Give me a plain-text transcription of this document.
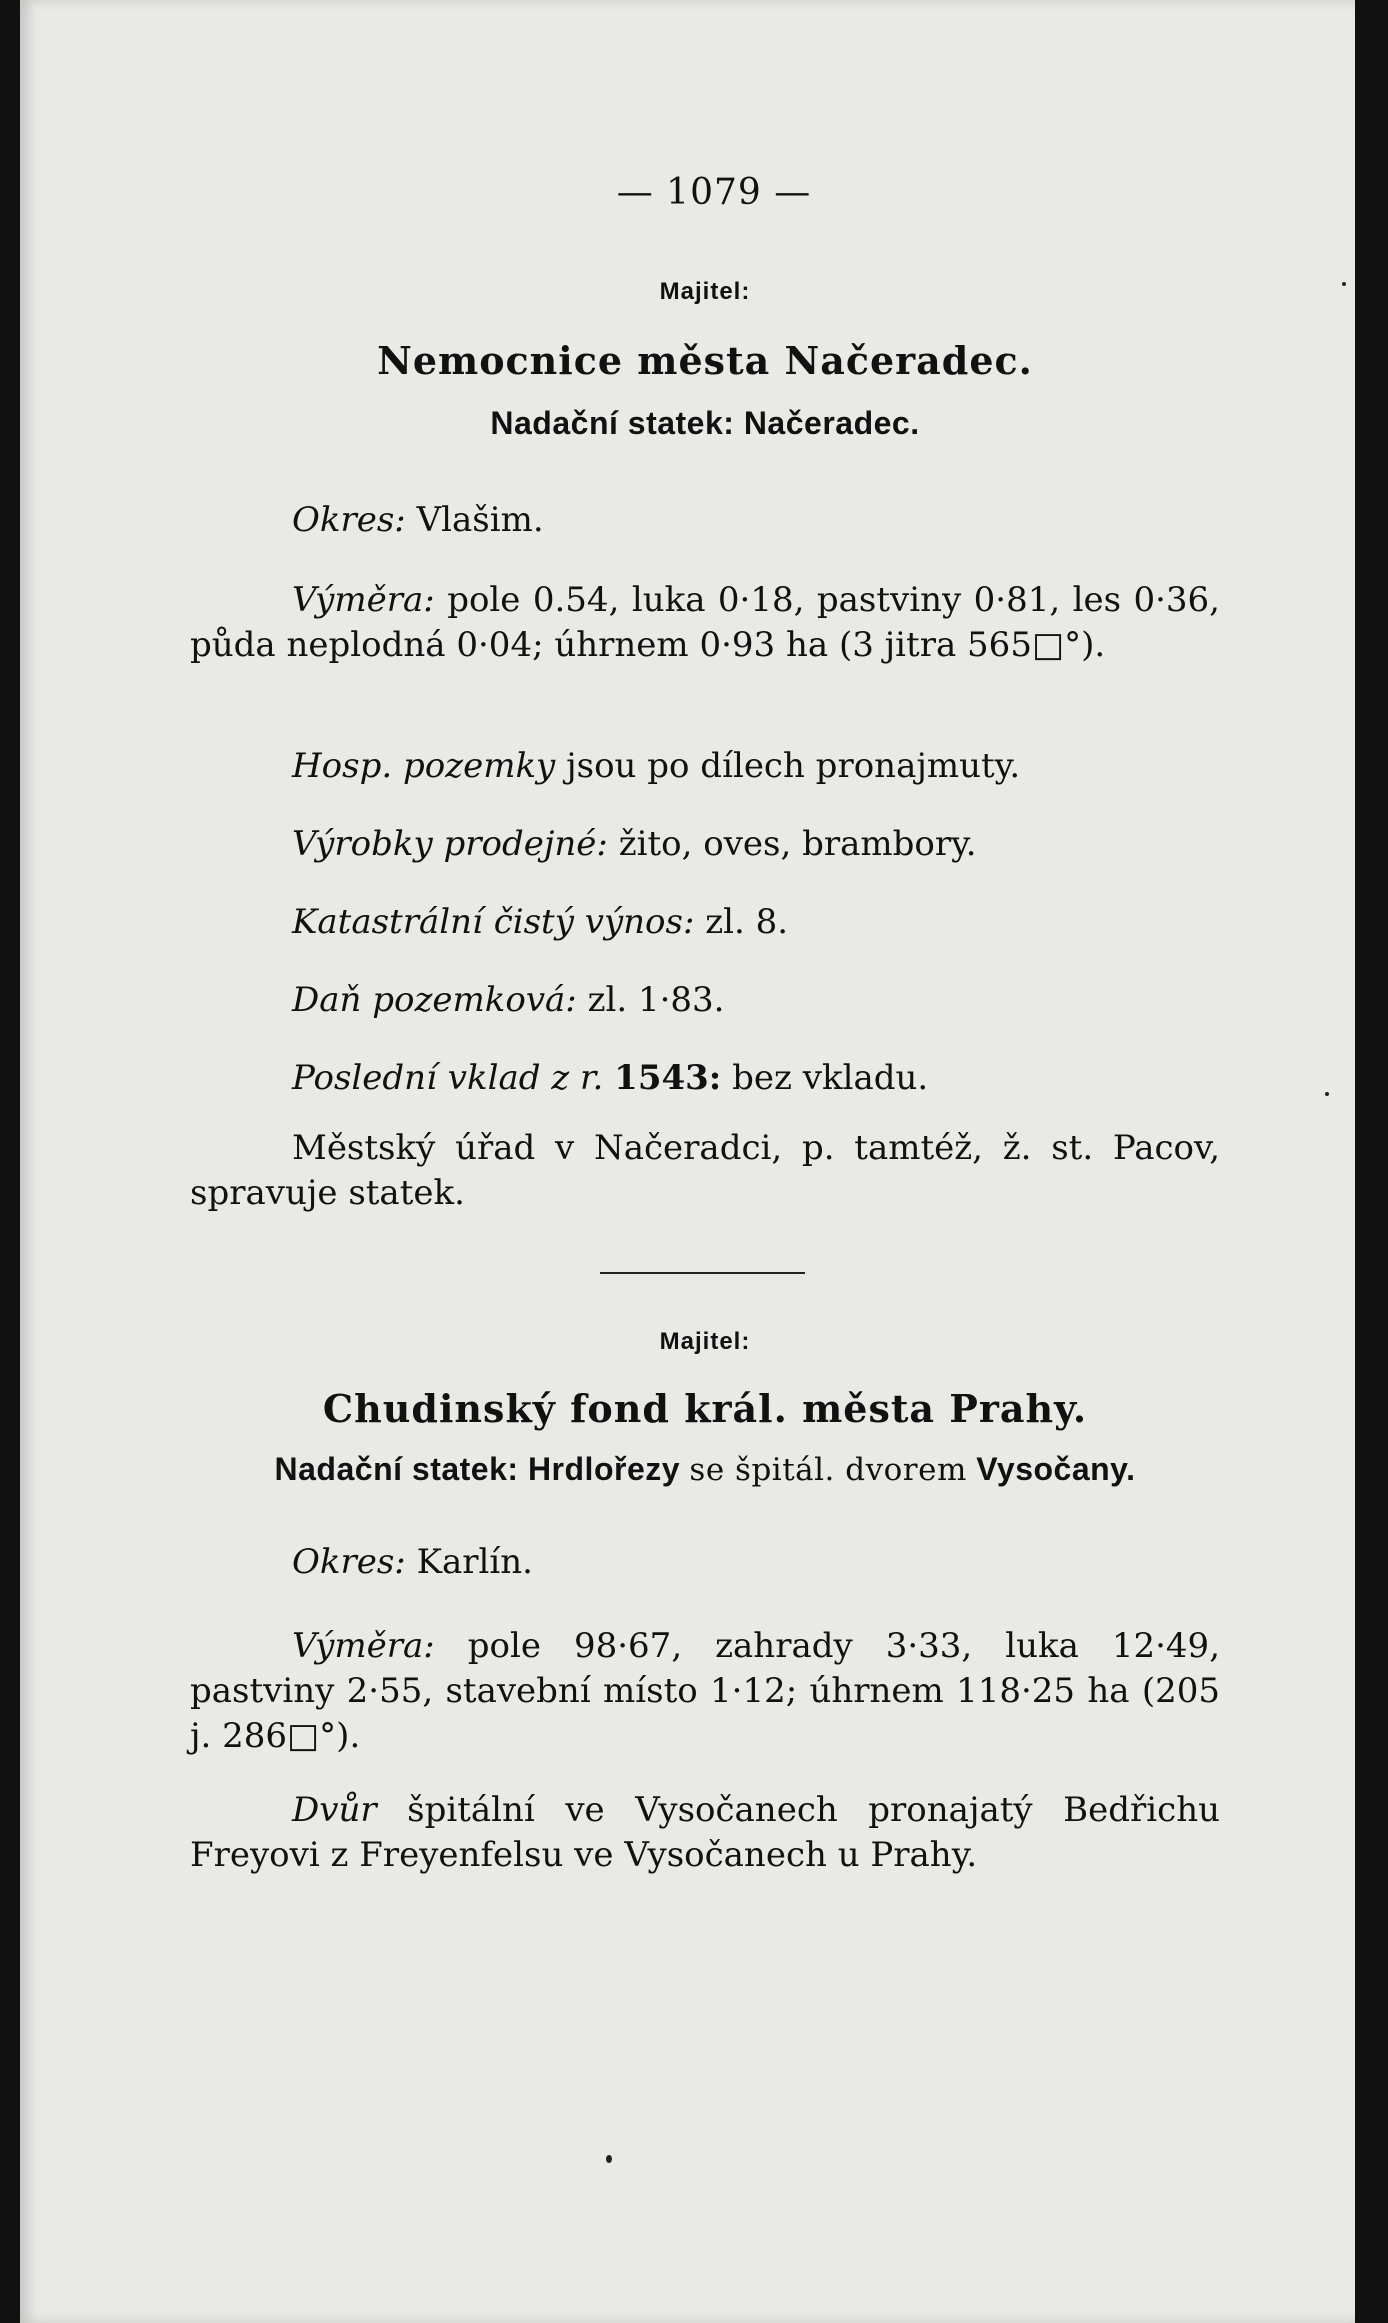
— 1079 —
Majitel:
Nemocnice města Načeradec.
Nadační statek: Načeradec.

Okres: Vlašim.

Výměra: pole 0.54, luka 0·18, pastviny 0·81, les 0·36, půda neplodná 0·04; úhrnem 0·93 ha (3 jitra 565□°).

Hosp. pozemky jsou po dílech pronajmuty.

Výrobky prodejné: žito, oves, brambory.

Katastrální čistý výnos: zl. 8.

Daň pozemková: zl. 1·83.

Poslední vklad z r. 1543: bez vkladu.

Městský úřad v Načeradci, p. tamtéž, ž. st. Pacov, spravuje statek.

Majitel:
Chudinský fond král. města Prahy.
Nadační statek: Hrdlořezy se špitál. dvorem Vysočany.

Okres: Karlín.

Výměra: pole 98·67, zahrady 3·33, luka 12·49, pastviny 2·55, stavební místo 1·12; úhrnem 118·25 ha (205 j. 286□°).

Dvůr špitální ve Vysočanech pronajatý Bedřichu Freyovi z Freyenfelsu ve Vysočanech u Prahy.
